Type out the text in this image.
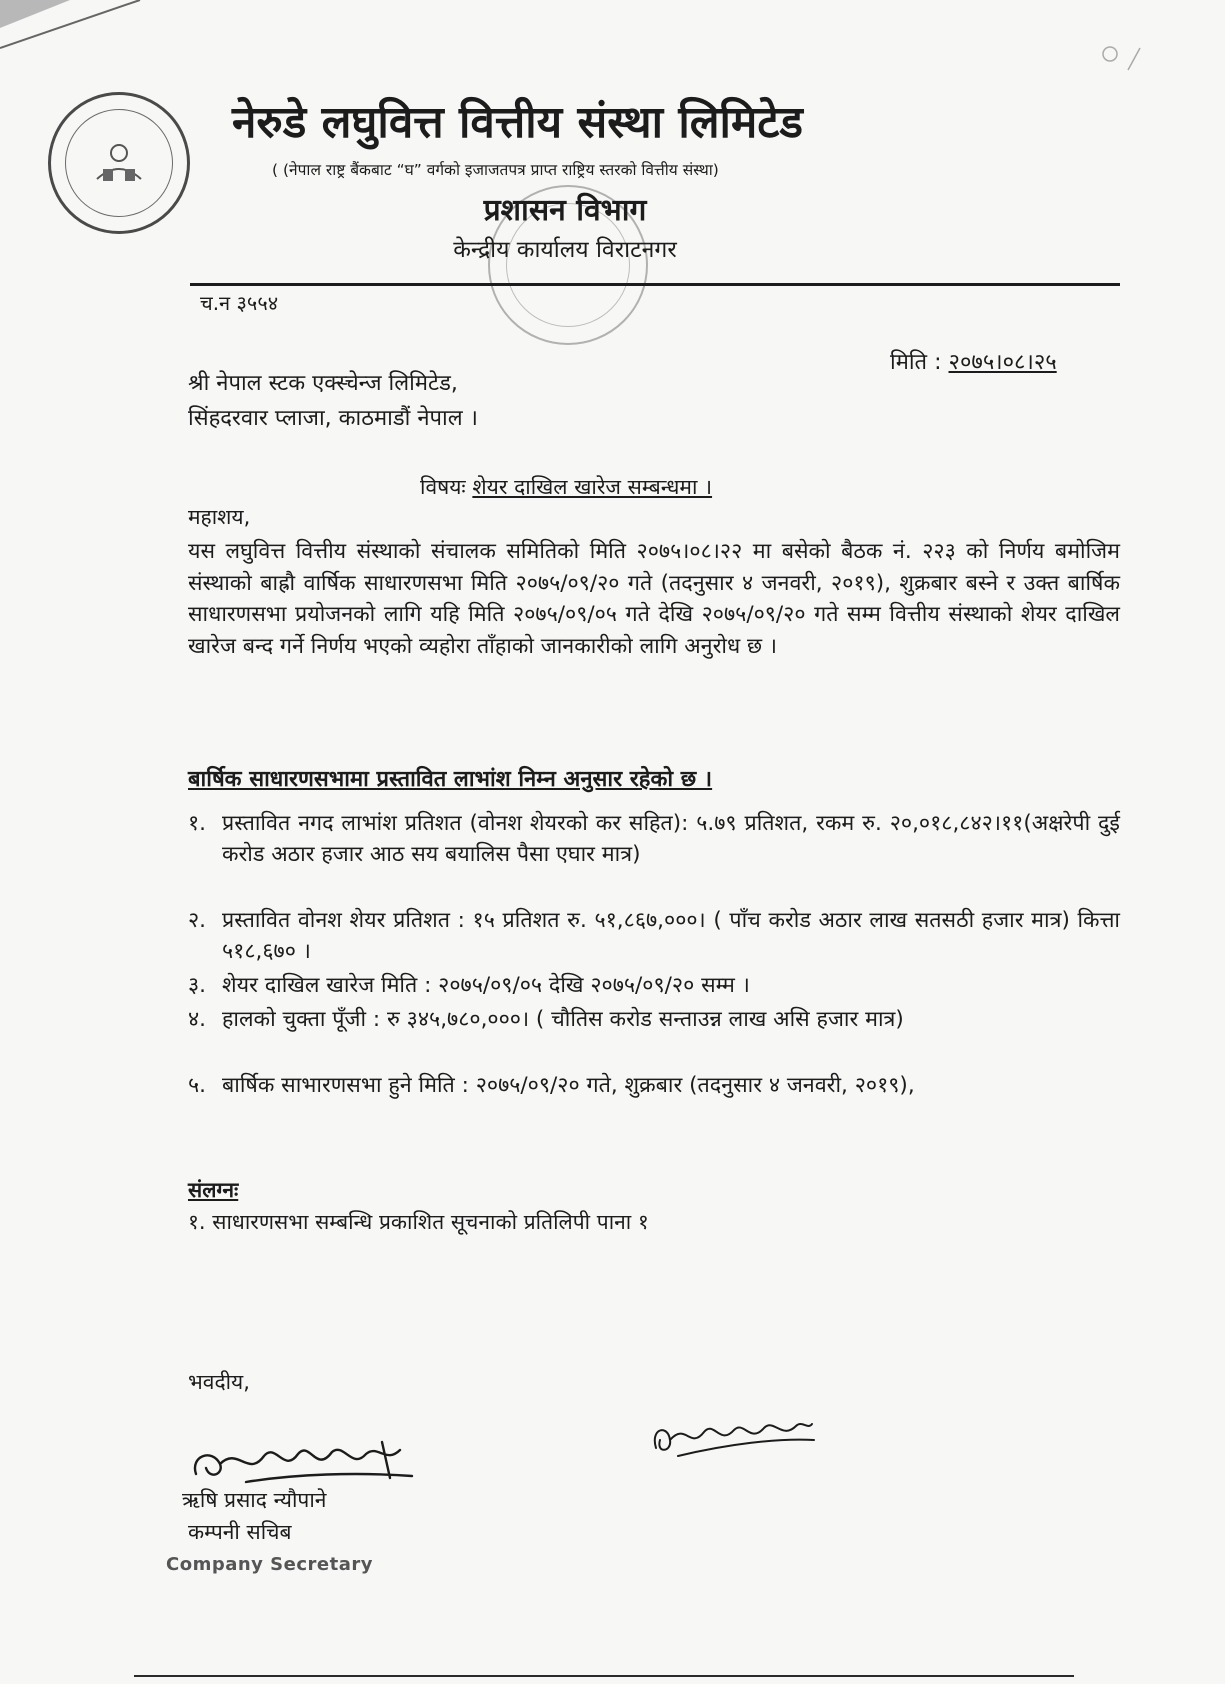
नेरुडे लघुवित्त वित्तीय संस्था लिमिटेड
( (नेपाल राष्ट्र बैंकबाट “घ” वर्गको इजाजतपत्र प्राप्त राष्ट्रिय स्तरको वित्तीय संस्था)
प्रशासन विभाग
केन्द्रीय कार्यालय विराटनगर
च.न ३५५४
मिति : २०७५।०८।२५
श्री नेपाल स्टक एक्स्चेन्ज लिमिटेड,
सिंहदरवार प्लाजा, काठमाडौं नेपाल ।
विषयः शेयर दाखिल खारेज सम्बन्धमा ।
महाशय,
यस लघुवित्त वित्तीय संस्थाको संचालक समितिको मिति २०७५।०८।२२ मा बसेको बैठक नं. २२३ को निर्णय बमोजिम संस्थाको बाह्रौ वार्षिक साधारणसभा मिति २०७५/०९/२० गते (तदनुसार ४ जनवरी, २०१९), शुक्रबार बस्ने र उक्त बार्षिक साधारणसभा प्रयोजनको लागि यहि मिति २०७५/०९/०५ गते देखि २०७५/०९/२० गते सम्म वित्तीय संस्थाको शेयर दाखिल खारेज बन्द गर्ने निर्णय भएको व्यहोरा ताँहाको जानकारीको लागि अनुरोध छ ।
बार्षिक साधारणसभामा प्रस्तावित लाभांश निम्न अनुसार रहेको छ ।
१. प्रस्तावित नगद लाभांश प्रतिशत (वोनश शेयरको कर सहित): ५.७९ प्रतिशत, रकम रु. २०,०१८,८४२।११(अक्षरेपी दुई करोड अठार हजार आठ सय बयालिस पैसा एघार मात्र)
२. प्रस्तावित वोनश शेयर प्रतिशत : १५ प्रतिशत रु. ५१,८६७,०००। ( पाँच करोड अठार लाख सतसठी हजार मात्र) कित्ता ५१८,६७० ।
३. शेयर दाखिल खारेज मिति : २०७५/०९/०५ देखि २०७५/०९/२० सम्म ।
४. हालको चुक्ता पूँजी : रु ३४५,७८०,०००। ( चौतिस करोड सन्ताउन्न लाख असि हजार मात्र)
५. बार्षिक साभारणसभा हुने मिति : २०७५/०९/२० गते, शुक्रबार (तदनुसार ४ जनवरी, २०१९),
संलग्नः
१. साधारणसभा सम्बन्धि प्रकाशित सूचनाको प्रतिलिपी पाना १
भवदीय,
ऋषि प्रसाद न्यौपाने
कम्पनी सचिब
Company Secretary
